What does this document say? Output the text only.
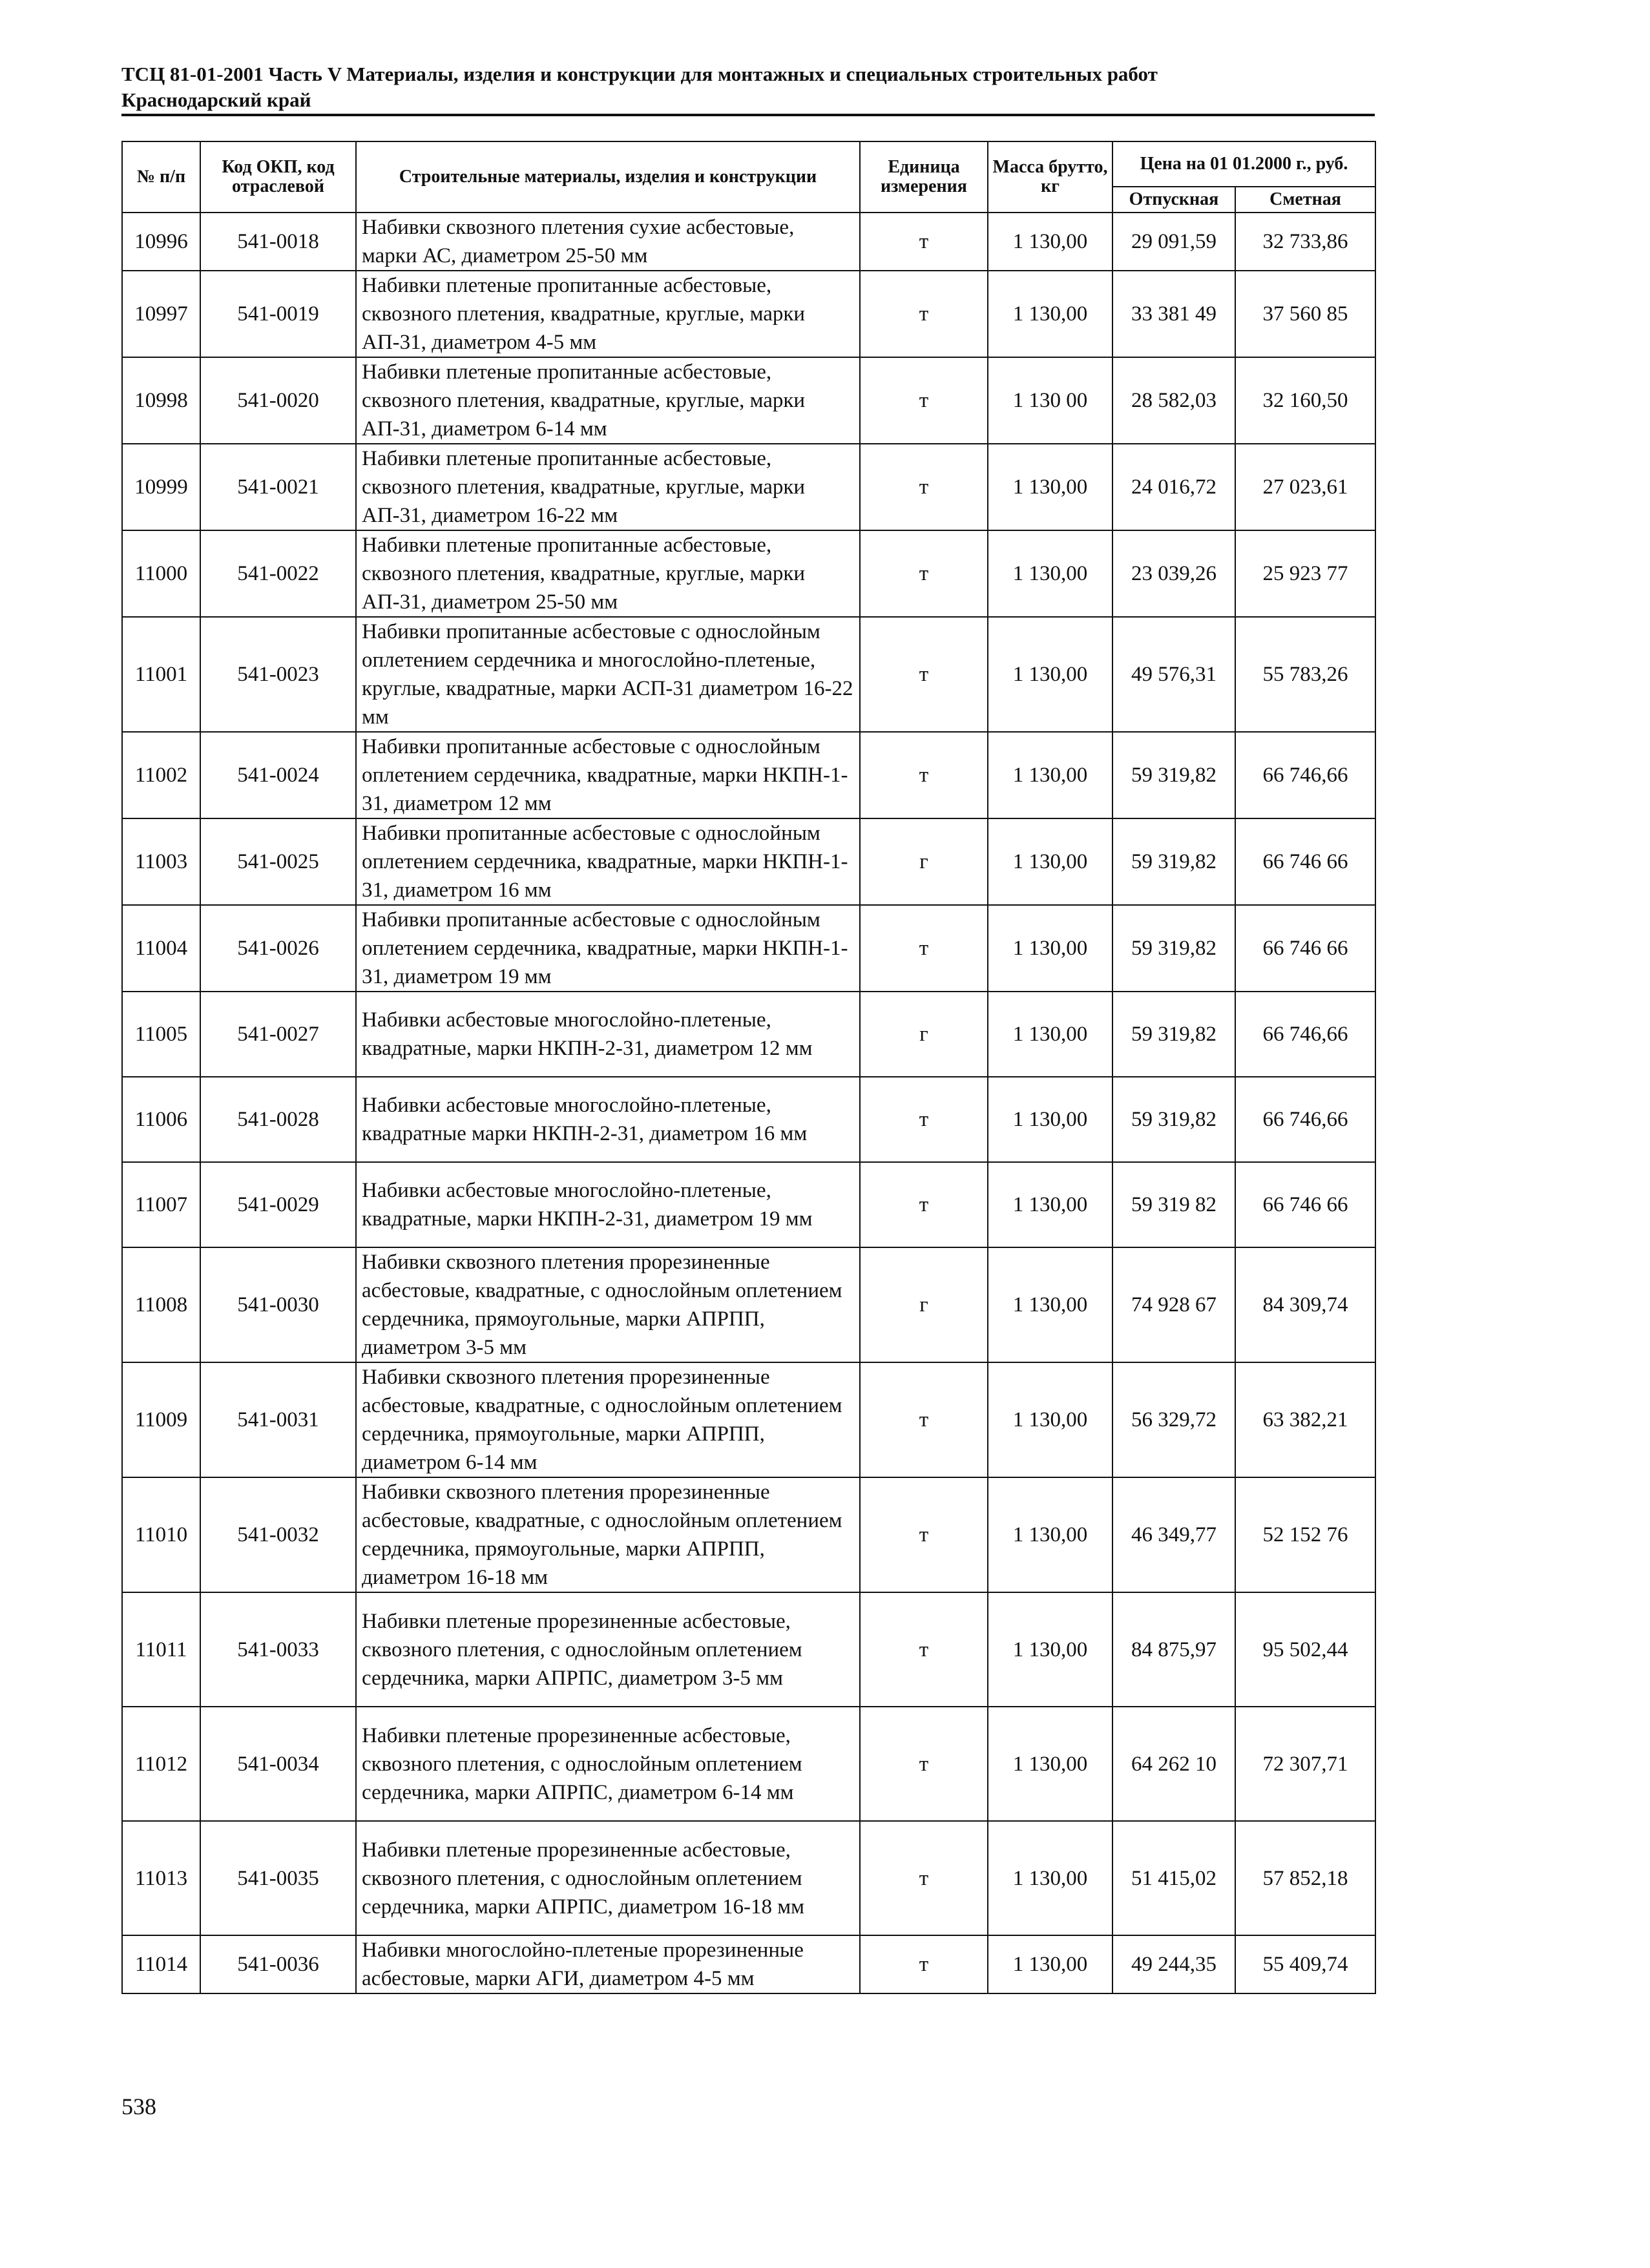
ТСЦ 81-01-2001 Часть V Материалы, изделия и конструкции для монтажных и специальных строительных работ
Краснодарский край
№ п/п	Код ОКП, код отраслевой	Строительные материалы, изделия и конструкции	Единица измерения	Масса брутто, кг	Цена на 01 01.2000 г., руб.	
					Отпускная	Сметная
10996	541-0018	Набивки сквозного плетения сухие асбестовые, марки АС, диаметром 25-50 мм	т	1 130,00	29 091,59	32 733,86
10997	541-0019	Набивки плетеные пропитанные асбестовые, сквозного плетения, квадратные, круглые, марки АП-31, диаметром 4-5 мм	т	1 130,00	33 381 49	37 560 85
10998	541-0020	Набивки плетеные пропитанные асбестовые, сквозного плетения, квадратные, круглые, марки АП-31, диаметром 6-14 мм	т	1 130 00	28 582,03	32 160,50
10999	541-0021	Набивки плетеные пропитанные асбестовые, сквозного плетения, квадратные, круглые, марки АП-31, диаметром 16-22 мм	т	1 130,00	24 016,72	27 023,61
11000	541-0022	Набивки плетеные пропитанные асбестовые, сквозного плетения, квадратные, круглые, марки АП-31, диаметром 25-50 мм	т	1 130,00	23 039,26	25 923 77
11001	541-0023	Набивки пропитанные асбестовые с однослойным оплетением сердечника и многослойно-плетеные, круглые, квадратные, марки АСП-31 диаметром 16-22 мм	т	1 130,00	49 576,31	55 783,26
11002	541-0024	Набивки пропитанные асбестовые с однослойным оплетением сердечника, квадратные, марки НКПН-1-31, диаметром 12 мм	т	1 130,00	59 319,82	66 746,66
11003	541-0025	Набивки пропитанные асбестовые с однослойным оплетением сердечника, квадратные, марки НКПН-1-31, диаметром 16 мм	г	1 130,00	59 319,82	66 746 66
11004	541-0026	Набивки пропитанные асбестовые с однослойным оплетением сердечника, квадратные, марки НКПН-1-31, диаметром 19 мм	т	1 130,00	59 319,82	66 746 66
11005	541-0027	Набивки асбестовые многослойно-плетеные, квадратные, марки НКПН-2-31, диаметром 12 мм	г	1 130,00	59 319,82	66 746,66
11006	541-0028	Набивки асбестовые многослойно-плетеные, квадратные марки НКПН-2-31, диаметром 16 мм	т	1 130,00	59 319,82	66 746,66
11007	541-0029	Набивки асбестовые многослойно-плетеные, квадратные, марки НКПН-2-31, диаметром 19 мм	т	1 130,00	59 319 82	66 746 66
11008	541-0030	Набивки сквозного плетения прорезиненные асбестовые, квадратные, с однослойным оплетением сердечника, прямоугольные, марки АПРПП, диаметром 3-5 мм	г	1 130,00	74 928 67	84 309,74
11009	541-0031	Набивки сквозного плетения прорезиненные асбестовые, квадратные, с однослойным оплетением сердечника, прямоугольные, марки АПРПП, диаметром 6-14 мм	т	1 130,00	56 329,72	63 382,21
11010	541-0032	Набивки сквозного плетения прорезиненные асбестовые, квадратные, с однослойным оплетением сердечника, прямоугольные, марки АПРПП, диаметром 16-18 мм	т	1 130,00	46 349,77	52 152 76
11011	541-0033	Набивки плетеные прорезиненные асбестовые, сквозного плетения, с однослойным оплетением сердечника, марки АПРПС, диаметром 3-5 мм	т	1 130,00	84 875,97	95 502,44
11012	541-0034	Набивки плетеные прорезиненные асбестовые, сквозного плетения, с однослойным оплетением сердечника, марки АПРПС, диаметром 6-14 мм	т	1 130,00	64 262 10	72 307,71
11013	541-0035	Набивки плетеные прорезиненные асбестовые, сквозного плетения, с однослойным оплетением сердечника, марки АПРПС, диаметром 16-18 мм	т	1 130,00	51 415,02	57 852,18
11014	541-0036	Набивки многослойно-плетеные прорезиненные асбестовые, марки АГИ, диаметром 4-5 мм	т	1 130,00	49 244,35	55 409,74
538
